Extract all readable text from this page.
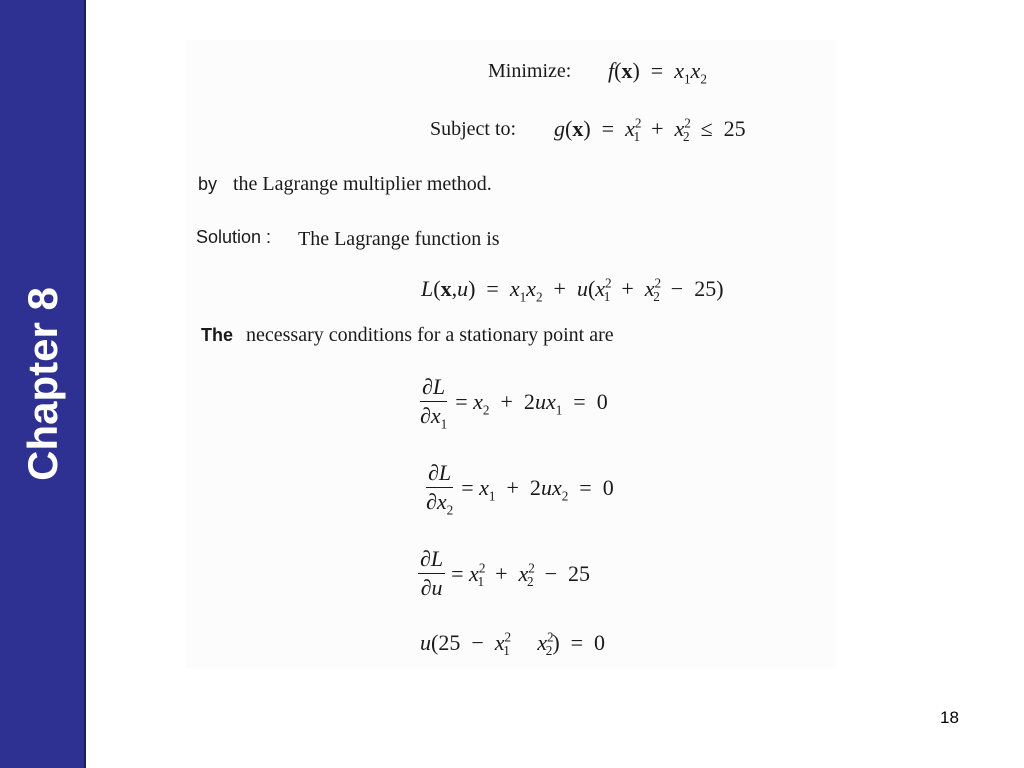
Chapter 8
Minimize: $f(x) = x_1x_2$
Subject to: $g(x) = x^2_1 + x^2_2 \le 25$
by the Lagrange multiplier method.
Solution : The Lagrange function is
$L(x,u) = x_1x_2 + u(x^2_1 + x^2_2 - 25)$
The necessary conditions for a stationary point are
$\frac{\partial L}{\partial x_1} = x_2 + 2ux_1 = 0$
$\frac{\partial L}{\partial x_2} = x_1 + 2ux_2 = 0$
$\frac{\partial L}{\partial u} = x^2_1 + x^2_2 - 25$
$u(25 - x^2_1$ $x^2_2) = 0$
18
